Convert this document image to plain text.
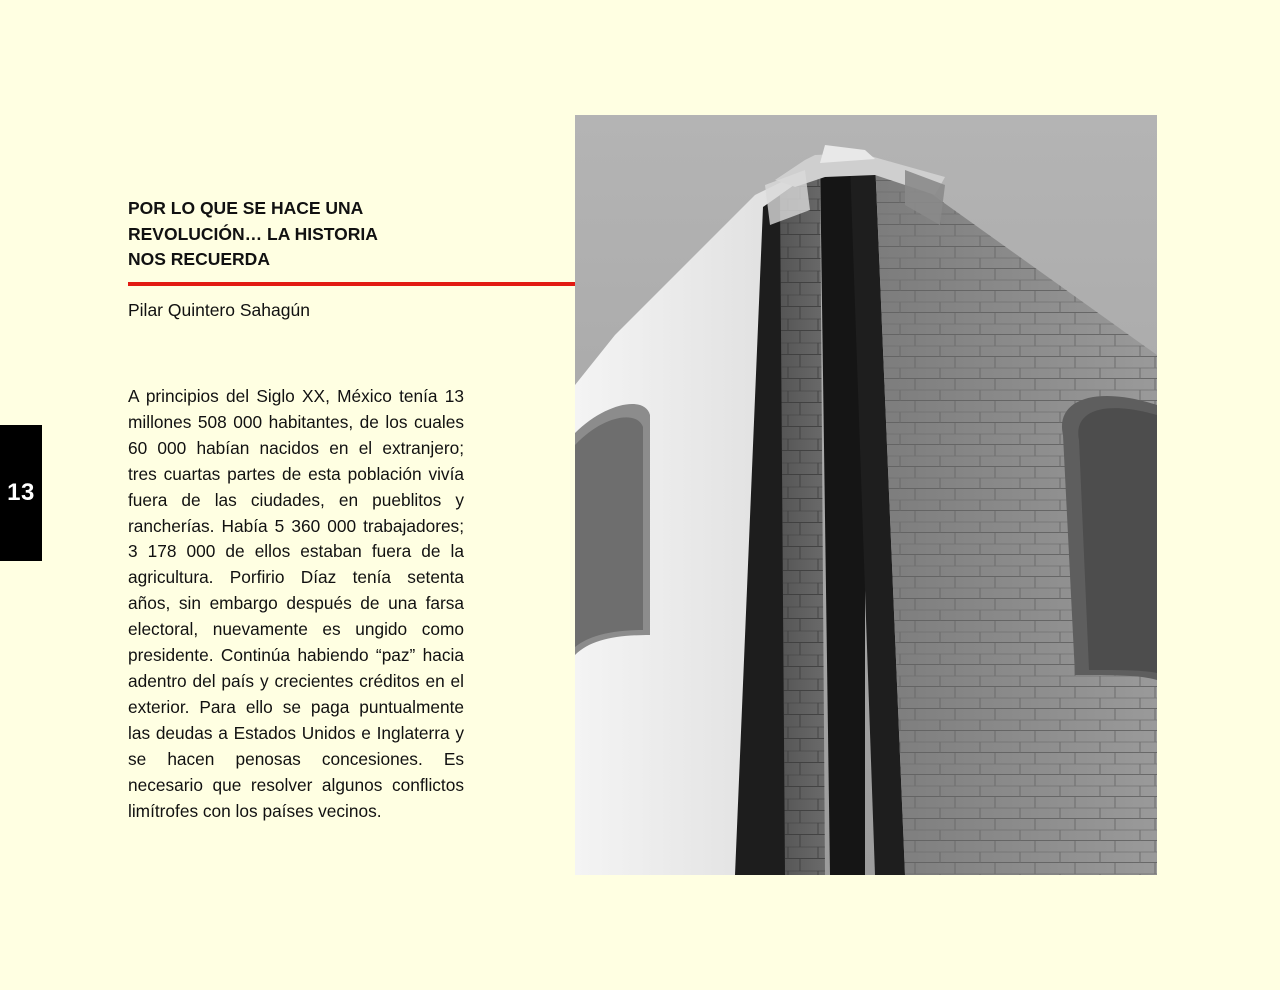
13
POR LO QUE SE HACE UNA
REVOLUCIÓN… LA HISTORIA
NOS RECUERDA
Pilar Quintero Sahagún
A principios del Siglo XX, México tenía 13 millones 508 000 habitantes, de los cuales 60 000 habían nacidos en el extranjero; tres cuartas partes de esta población vivía fuera de las ciudades, en pueblitos y rancherías. Había 5 360 000 trabajadores; 3 178 000 de ellos estaban fuera de la agricultura. Porfirio Díaz tenía setenta años, sin embargo después de una farsa electoral, nuevamente es ungido como presidente. Continúa habiendo “paz” hacia adentro del país y crecientes créditos en el exterior. Para ello se paga puntualmente las deudas a Estados Unidos e Inglaterra y se hacen penosas concesiones. Es necesario que resolver algunos conflictos limítrofes con los países vecinos.
